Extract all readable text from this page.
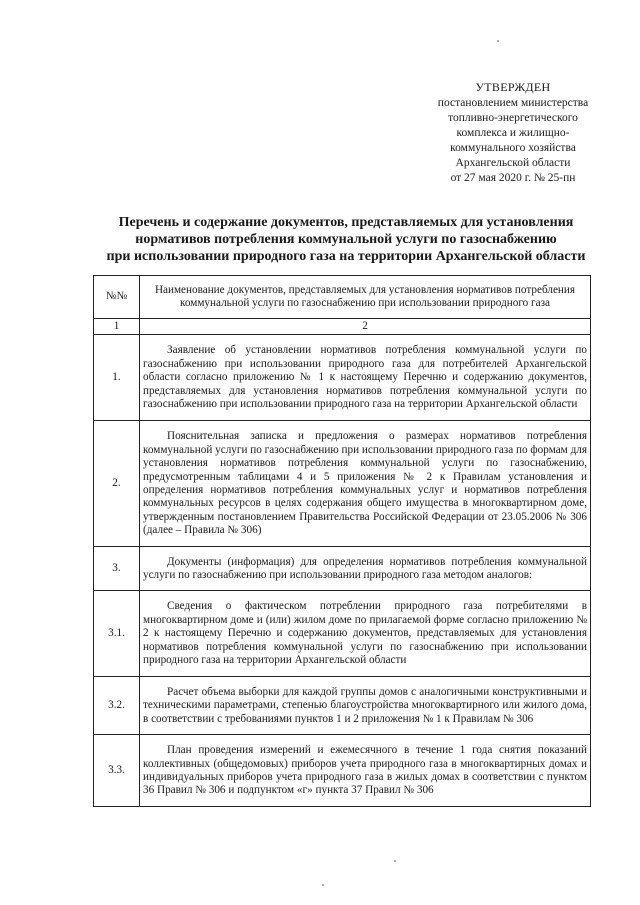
УТВЕРЖДЕН
постановлением министерства
топливно-энергетического
комплекса и жилищно-
коммунального хозяйства
Архангельской области
от 27 мая 2020 г. № 25-пн
Перечень и содержание документов, представляемых для установления
нормативов потребления коммунальной услуги по газоснабжению
при использовании природного газа на территории Архангельской области
№№	Наименование документов, представляемых для установления нормативов потребления коммунальной услуги по газоснабжению при использовании природного газа
1	2
1.	Заявление об установлении нормативов потребления коммунальной услуги по газоснабжению при использовании природного газа для потребителей Архангельской области согласно приложению № 1 к настоящему Перечню и содержанию документов, представляемых для установления нормативов потребления коммунальной услуги по газоснабжению при использовании природного газа на территории Архангельской области
2.	Пояснительная записка и предложения о размерах нормативов потребления коммунальной услуги по газоснабжению при использовании природного газа по формам для установления нормативов потребления коммунальной услуги по газоснабжению, предусмотренным таблицами 4 и 5 приложения № 2 к Правилам установления и определения нормативов потребления коммунальных услуг и нормативов потребления коммунальных ресурсов в целях содержания общего имущества в многоквартирном доме, утвержденным постановлением Правительства Российской Федерации от 23.05.2006 № 306 (далее – Правила № 306)
3.	Документы (информация) для определения нормативов потребления коммунальной услуги по газоснабжению при использовании природного газа методом аналогов:
3.1.	Сведения о фактическом потреблении природного газа потребителями в многоквартирном доме и (или) жилом доме по прилагаемой форме согласно приложению № 2 к настоящему Перечню и содержанию документов, представляемых для установления нормативов потребления коммунальной услуги по газоснабжению при использовании природного газа на территории Архангельской области
3.2.	Расчет объема выборки для каждой группы домов с аналогичными конструктивными и техническими параметрами, степенью благоустройства многоквартирного или жилого дома, в соответствии с требованиями пунктов 1 и 2 приложения № 1 к Правилам № 306
3.3.	План проведения измерений и ежемесячного в течение 1 года снятия показаний коллективных (общедомовых) приборов учета природного газа в многоквартирных домах и индивидуальных приборов учета природного газа в жилых домах в соответствии с пунктом 36 Правил № 306 и подпунктом «г» пункта 37 Правил № 306
